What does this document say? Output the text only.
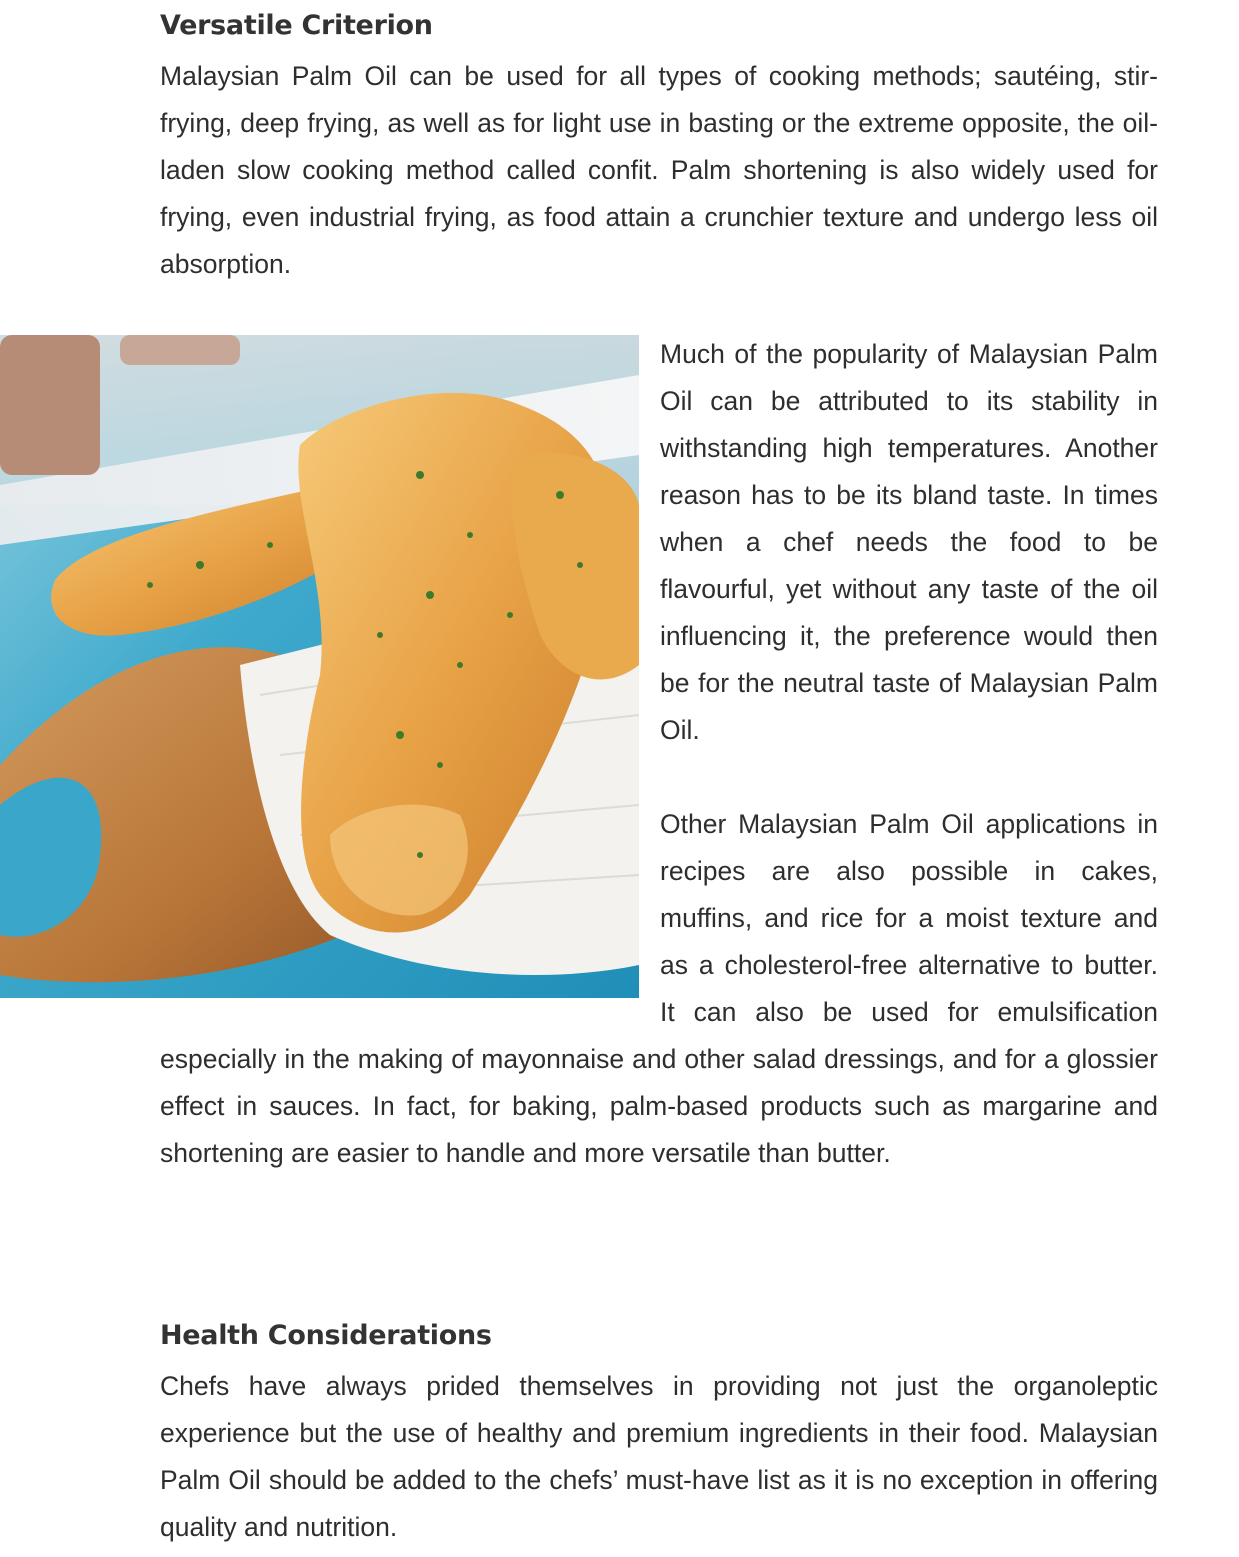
Versatile Criterion

Malaysian Palm Oil can be used for all types of cooking methods; sautéing, stir-frying, deep frying, as well as for light use in basting or the extreme opposite, the oil-laden slow cooking method called confit. Palm shortening is also widely used for frying, even industrial frying, as food attain a crunchier texture and undergo less oil absorption.

Much of the popularity of Malaysian Palm Oil can be attributed to its stability in withstanding high temperatures. Another reason has to be its bland taste. In times when a chef needs the food to be flavourful, yet without any taste of the oil influencing it, the preference would then be for the neutral taste of Malaysian Palm Oil.

Other Malaysian Palm Oil applications in recipes are also possible in cakes, muffins, and rice for a moist texture and as a cholesterol-free alternative to butter. It can also be used for emulsification especially in the making of mayonnaise and other salad dressings, and for a glossier effect in sauces. In fact, for baking, palm-based products such as margarine and shortening are easier to handle and more versatile than butter.

Health Considerations

Chefs have always prided themselves in providing not just the organoleptic experience but the use of healthy and premium ingredients in their food. Malaysian Palm Oil should be added to the chefs’ must-have list as it is no exception in offering quality and nutrition.
